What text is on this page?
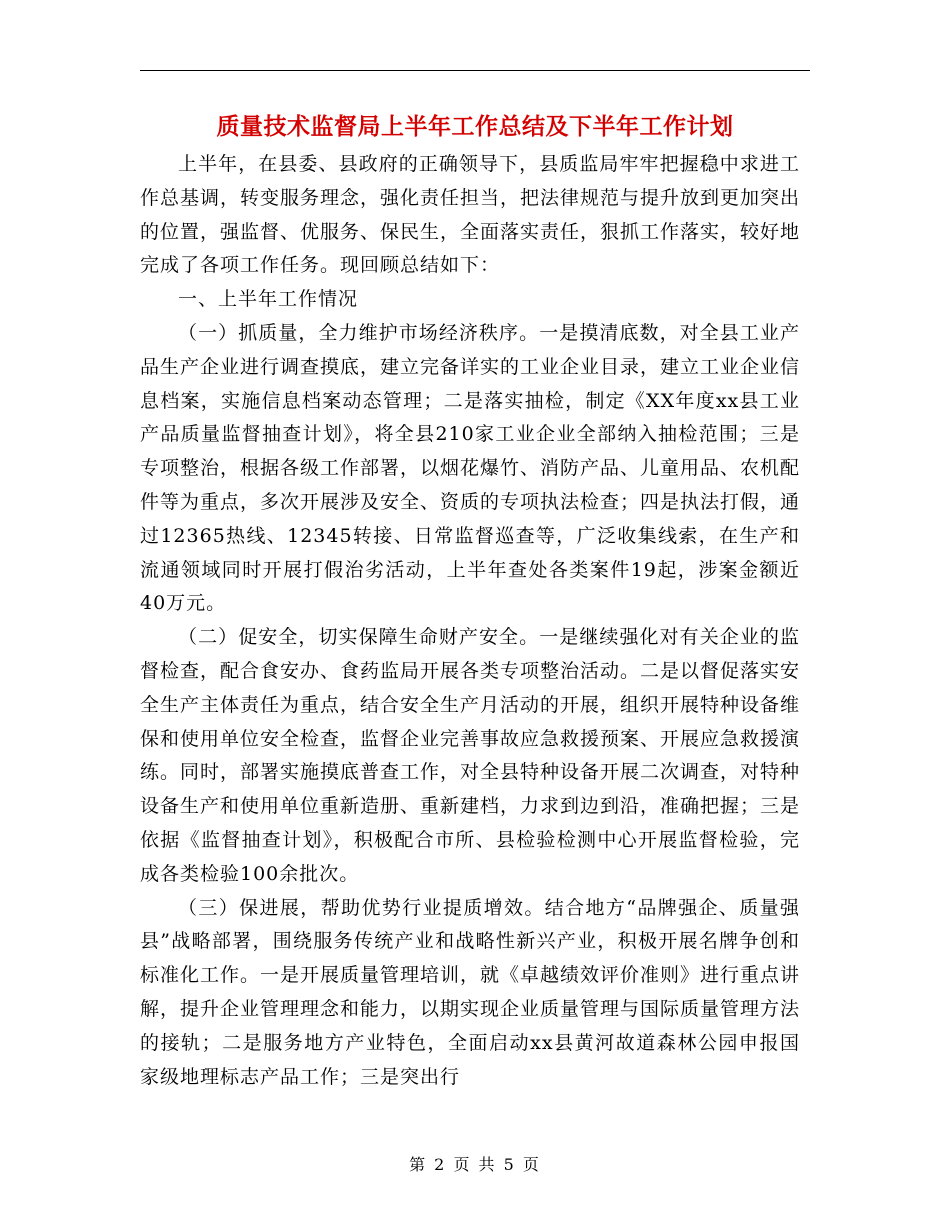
质量技术监督局上半年工作总结及下半年工作计划

上半年，在县委、县政府的正确领导下，县质监局牢牢把握稳中求进工作总基调，转变服务理念，强化责任担当，把法律规范与提升放到更加突出的位置，强监督、优服务、保民生，全面落实责任，狠抓工作落实，较好地完成了各项工作任务。现回顾总结如下：

一、上半年工作情况

（一）抓质量，全力维护市场经济秩序。一是摸清底数，对全县工业产品生产企业进行调查摸底，建立完备详实的工业企业目录，建立工业企业信息档案，实施信息档案动态管理；二是落实抽检，制定《XX年度xx县工业产品质量监督抽查计划》，将全县210家工业企业全部纳入抽检范围；三是专项整治，根据各级工作部署，以烟花爆竹、消防产品、儿童用品、农机配件等为重点，多次开展涉及安全、资质的专项执法检查；四是执法打假，通过12365热线、12345转接、日常监督巡查等，广泛收集线索，在生产和流通领域同时开展打假治劣活动，上半年查处各类案件19起，涉案金额近40万元。

（二）促安全，切实保障生命财产安全。一是继续强化对有关企业的监督检查，配合食安办、食药监局开展各类专项整治活动。二是以督促落实安全生产主体责任为重点，结合安全生产月活动的开展，组织开展特种设备维保和使用单位安全检查，监督企业完善事故应急救援预案、开展应急救援演练。同时，部署实施摸底普查工作，对全县特种设备开展二次调查，对特种设备生产和使用单位重新造册、重新建档，力求到边到沿，准确把握；三是依据《监督抽查计划》，积极配合市所、县检验检测中心开展监督检验，完成各类检验100余批次。

（三）保进展，帮助优势行业提质增效。结合地方“品牌强企、质量强县”战略部署，围绕服务传统产业和战略性新兴产业，积极开展名牌争创和标准化工作。一是开展质量管理培训，就《卓越绩效评价准则》进行重点讲解，提升企业管理理念和能力，以期实现企业质量管理与国际质量管理方法的接轨；二是服务地方产业特色，全面启动xx县黄河故道森林公园申报国家级地理标志产品工作；三是突出行

第 2 页 共 5 页
